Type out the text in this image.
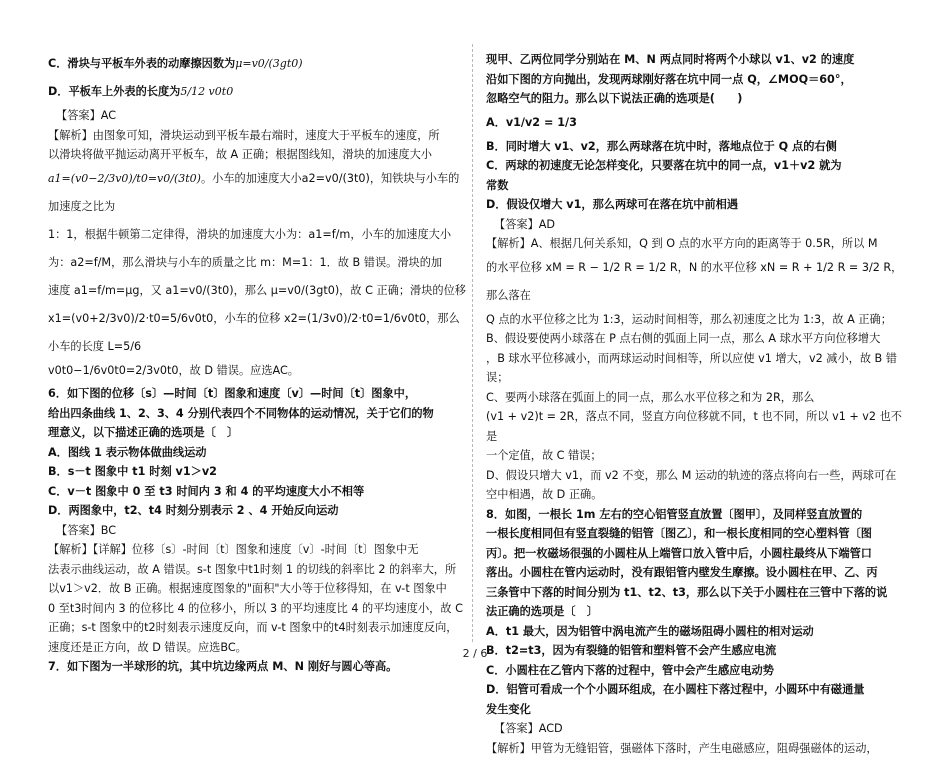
C．滑块与平板车外表的动摩擦因数为μ=v0/(3gt0)

D．平板车上外表的长度为5/12 v0t0

【答案】AC

【解析】由图象可知，滑块运动到平板车最右端时，速度大于平板车的速度，所

以滑块将做平抛运动离开平板车，故 A 正确；根据图线知，滑块的加速度大小

a1=(v0−2/3v0)/t0=v0/(3t0)。小车的加速度大小a2=v0/(3t0)，知铁块与小车的加速度之比为

1：1，根据牛顿第二定律得，滑块的加速度大小为：a1=f/m，小车的加速度大小

为：a2=f/M，那么滑块与小车的质量之比 m：M=1：1．故 B 错误。滑块的加

速度 a1=f/m=μg，又 a1=v0/(3t0)，那么 μ=v0/(3gt0)，故 C 正确；滑块的位移

x1=(v0+2/3v0)/2·t0=5/6v0t0，小车的位移 x2=(1/3v0)/2·t0=1/6v0t0，那么小车的长度 L=5/6

v0t0−1/6v0t0=2/3v0t0，故 D 错误。应选AC。

6．如下图的位移〔s〕—时间〔t〕图象和速度〔v〕—时间〔t〕图象中，

给出四条曲线 1、2、3、4 分别代表四个不同物体的运动情况，关于它们的物

理意义，以下描述正确的选项是〔　〕

A．图线 1 表示物体做曲线运动

B．s－t 图象中 t1 时刻 v1＞v2

C．v－t 图象中 0 至 t3 时间内 3 和 4 的平均速度大小不相等

D．两图象中，t2、t4 时刻分别表示 2 、4 开始反向运动

【答案】BC

【解析】【详解】位移〔s〕-时间〔t〕图象和速度〔v〕-时间〔t〕图象中无

法表示曲线运动，故 A 错误。s-t 图象中t1时刻 1 的切线的斜率比 2 的斜率大，所

以v1＞v2．故 B 正确。根据速度图象的"面积"大小等于位移得知，在 v-t 图象中

0 至t3时间内 3 的位移比 4 的位移小，所以 3 的平均速度比 4 的平均速度小，故 C

正确；s-t 图象中的t2时刻表示速度反向，而 v-t 图象中的t4时刻表示加速度反向，

速度还是正方向，故 D 错误。应选BC。

7．如下图为一半球形的坑，其中坑边缘两点 M、N 刚好与圆心等高。

现甲、乙两位同学分别站在 M、N 两点同时将两个小球以 v1、v2 的速度

沿如下图的方向抛出，发现两球刚好落在坑中同一点 Q，∠MOQ＝60°，

忽略空气的阻力。那么以下说法正确的选项是(　　)

A．v1/v2 = 1/3

B．同时增大 v1、v2，那么两球落在坑中时，落地点位于 Q 点的右侧

C．两球的初速度无论怎样变化，只要落在坑中的同一点，v1＋v2 就为

常数

D．假设仅增大 v1，那么两球可在落在坑中前相遇

【答案】AD

【解析】A、根据几何关系知，Q 到 O 点的水平方向的距离等于 0.5R，所以 M

的水平位移 xM = R − 1/2 R = 1/2 R，N 的水平位移 xN = R + 1/2 R = 3/2 R，那么落在

Q 点的水平位移之比为 1:3，运动时间相等，那么初速度之比为 1:3，故 A 正确；

B、假设要使两小球落在 P 点右侧的弧面上同一点，那么 A 球水平方向位移增大

，B 球水平位移减小，而两球运动时间相等，所以应使 v1 增大，v2 减小，故 B 错误；

C、要两小球落在弧面上的同一点，那么水平位移之和为 2R，那么

(v1 + v2)t = 2R，落点不同，竖直方向位移就不同，t 也不同，所以 v1 + v2 也不是

一个定值，故 C 错误；

D、假设只增大 v1，而 v2 不变，那么 M 运动的轨迹的落点将向右一些，两球可在

空中相遇，故 D 正确。

8．如图，一根长 1m 左右的空心铝管竖直放置〔图甲〕，及同样竖直放置的

一根长度相同但有竖直裂缝的铝管〔图乙〕，和一根长度相同的空心塑料管〔图

丙〕。把一枚磁场很强的小圆柱从上端管口放入管中后，小圆柱最终从下端管口

落出。小圆柱在管内运动时，没有跟铝管内壁发生摩擦。设小圆柱在甲、乙、丙

三条管中下落的时间分别为 t1、t2、t3，那么以下关于小圆柱在三管中下落的说

法正确的选项是〔　〕

A．t1 最大，因为铝管中涡电流产生的磁场阻碍小圆柱的相对运动

B．t2=t3，因为有裂缝的铝管和塑料管不会产生感应电流

C．小圆柱在乙管内下落的过程中，管中会产生感应电动势

D．铝管可看成一个个小圆环组成，在小圆柱下落过程中，小圆环中有磁通量

发生变化

【答案】ACD

【解析】甲管为无缝铝管，强磁体下落时，产生电磁感应，阻碍强磁体的运动，

2 / 6
